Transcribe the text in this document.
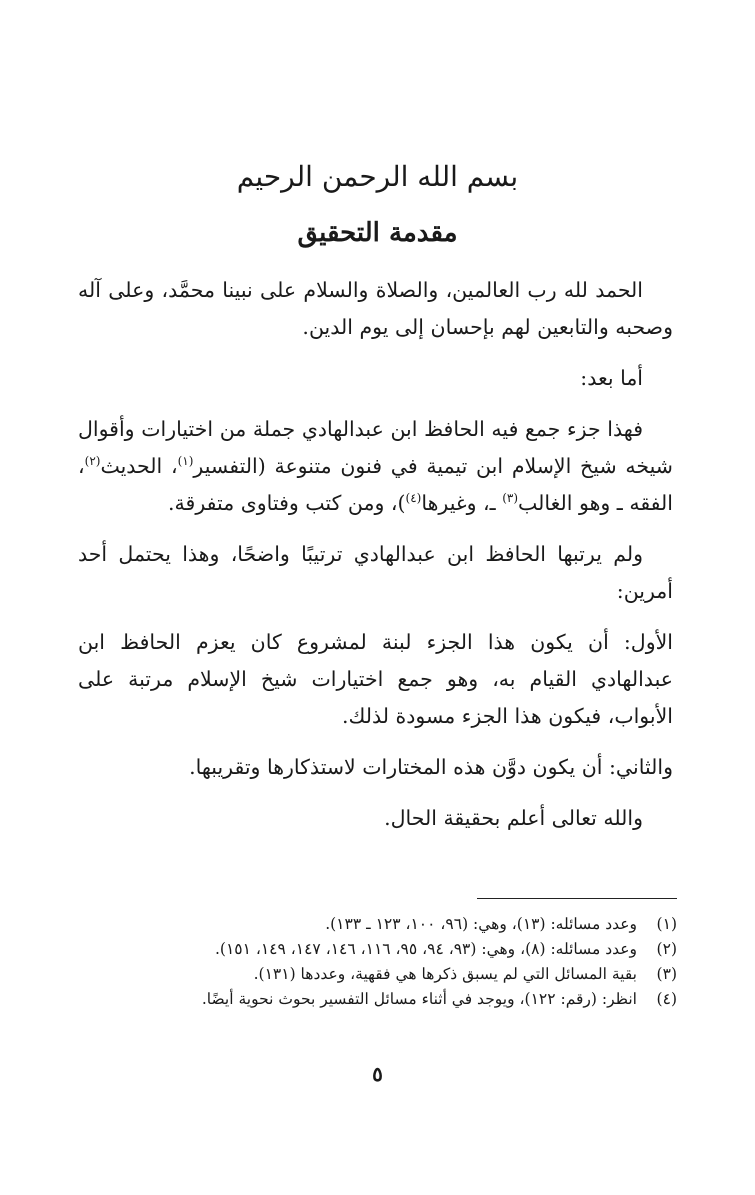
بسم الله الرحمن الرحيم
مقدمة التحقيق

الحمد لله رب العالمين، والصلاة والسلام على نبينا محمَّد، وعلى آله وصحبه والتابعين لهم بإحسان إلى يوم الدين.

أما بعد:

فهذا جزء جمع فيه الحافظ ابن عبدالهادي جملة من اختيارات وأقوال شيخه شيخ الإسلام ابن تيمية في فنون متنوعة (التفسير$^{(١)}$، الحديث$^{(٢)}$، الفقه ـ وهو الغالب$^{(٣)}$ ـ، وغيرها$^{(٤)}$)، ومن كتب وفتاوى متفرقة.

ولم يرتبها الحافظ ابن عبدالهادي ترتيبًا واضحًا، وهذا يحتمل أحد أمرين:

الأول: أن يكون هذا الجزء لبنة لمشروع كان يعزم الحافظ ابن عبدالهادي القيام به، وهو جمع اختيارات شيخ الإسلام مرتبة على الأبواب، فيكون هذا الجزء مسودة لذلك.

والثاني: أن يكون دوَّن هذه المختارات لاستذكارها وتقريبها.

والله تعالى أعلم بحقيقة الحال.

(١)
وعدد مسائله: (١٣)، وهي: (٩٦، ١٠٠، ١٢٣ ـ ١٣٣).
(٢)
وعدد مسائله: (٨)، وهي: (٩٣، ٩٤، ٩٥، ١١٦، ١٤٦، ١٤٧، ١٤٩، ١٥١).
(٣)
بقية المسائل التي لم يسبق ذكرها هي فقهية، وعددها (١٣١).
(٤)
انظر: (رقم: ١٢٢)، ويوجد في أثناء مسائل التفسير بحوث نحوية أيضًا.
٥
